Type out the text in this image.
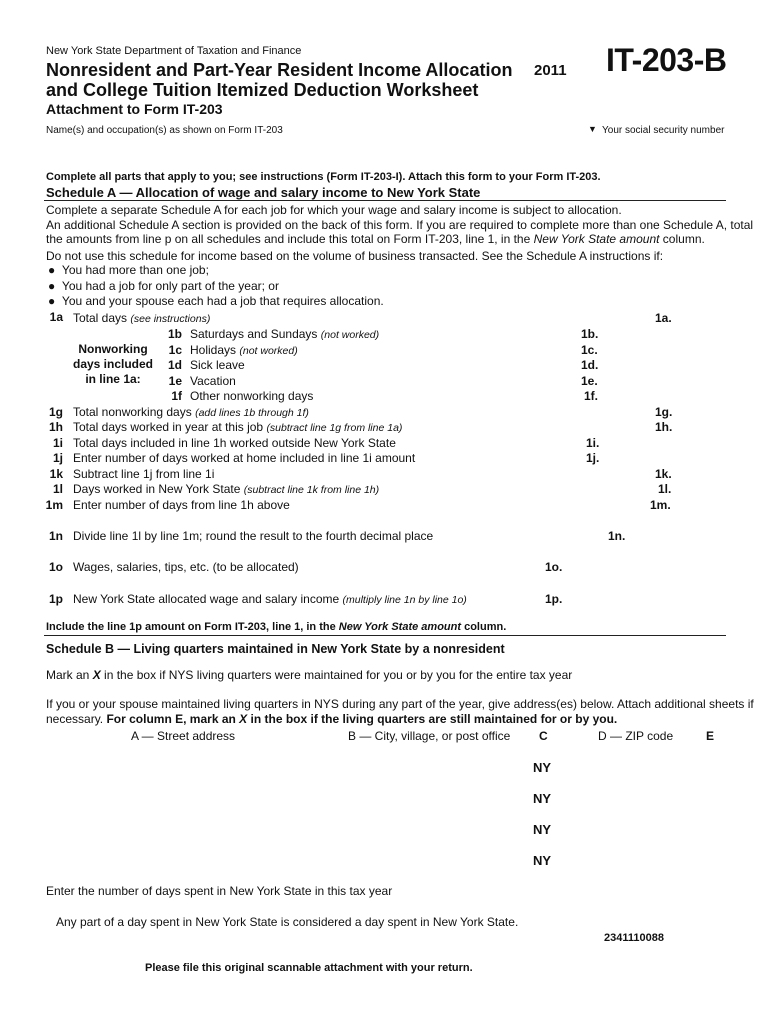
New York State Department of Taxation and Finance
Nonresident and Part-Year Resident Income Allocation
and College Tuition Itemized Deduction Worksheet
Attachment to Form IT-203
2011 IT-203-B
Name(s) and occupation(s) as shown on Form IT-203	▼ Your social security number
Complete all parts that apply to you; see instructions (Form IT-203-I). Attach this form to your Form IT-203.
Schedule A — Allocation of wage and salary income to New York State
Complete a separate Schedule A for each job for which your wage and salary income is subject to allocation.
An additional Schedule A section is provided on the back of this form. If you are required to complete more than one Schedule A, total
the amounts from line p on all schedules and include this total on Form IT-203, line 1, in the New York State amount column.
Do not use this schedule for income based on the volume of business transacted. See the Schedule A instructions if:
● You had more than one job;
● You had a job for only part of the year; or
● You and your spouse each had a job that requires allocation.
1a Total days (see instructions)	1a.
Nonworking
days included
in line 1a:
1b Saturdays and Sundays (not worked)	1b.
1c Holidays (not worked)	1c.
1d Sick leave	1d.
1e Vacation	1e.
1f Other nonworking days	1f.
1g Total nonworking days (add lines 1b through 1f)	1g.
1h Total days worked in year at this job (subtract line 1g from line 1a)	1h.
1i Total days included in line 1h worked outside New York State	1i.
1j Enter number of days worked at home included in line 1i amount	1j.
1k Subtract line 1j from line 1i	1k.
1l Days worked in New York State (subtract line 1k from line 1h)	1l.
1m Enter number of days from line 1h above	1m.
1n Divide line 1l by line 1m; round the result to the fourth decimal place	1n.
1o Wages, salaries, tips, etc. (to be allocated)	1o.
1p New York State allocated wage and salary income (multiply line 1n by line 1o)	1p.
Include the line 1p amount on Form IT-203, line 1, in the New York State amount column.
Schedule B — Living quarters maintained in New York State by a nonresident
Mark an X in the box if NYS living quarters were maintained for you or by you for the entire tax year
If you or your spouse maintained living quarters in NYS during any part of the year, give address(es) below. Attach additional sheets if
necessary. For column E, mark an X in the box if the living quarters are still maintained for or by you.
A — Street address	B — City, village, or post office C	D — ZIP code	E
NY
NY
NY
NY
Enter the number of days spent in New York State in this tax year
Any part of a day spent in New York State is considered a day spent in New York State.
2341110088
Please file this original scannable attachment with your return.
